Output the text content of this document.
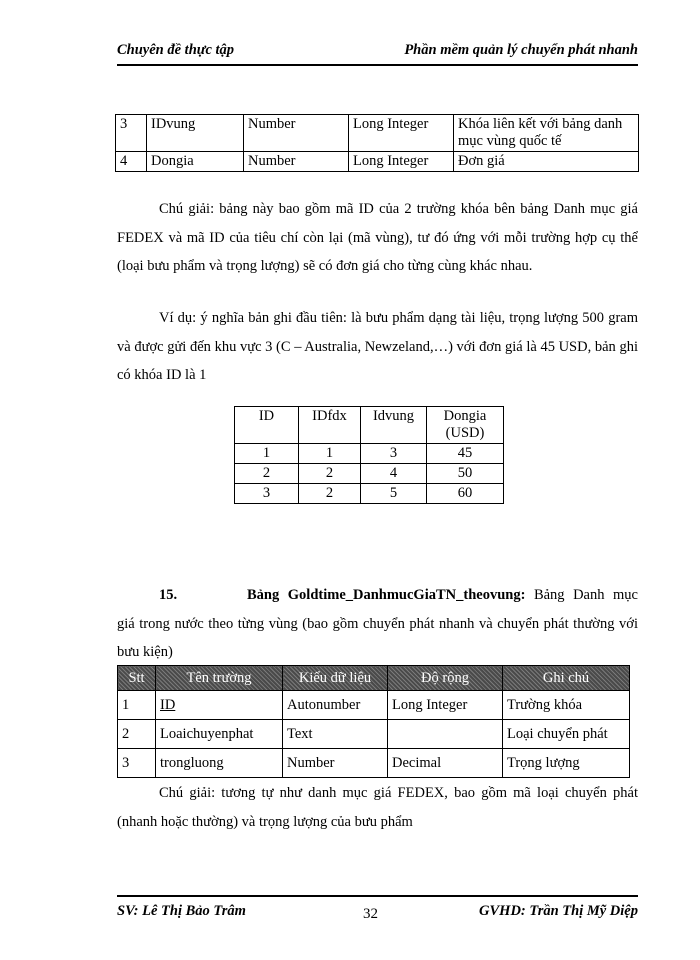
Chuyên đề thực tập	Phần mềm quản lý chuyển phát nhanh
3	IDvung	Number	Long Integer	Khóa liên kết với bảng danh mục vùng quốc tế
4	Dongia	Number	Long Integer	Đơn giá

Chú giải: bảng này bao gồm mã ID của 2 trường khóa bên bảng Danh mục giá FEDEX và mã ID của tiêu chí còn lại (mã vùng), tư đó ứng với mỗi trường hợp cụ thể (loại bưu phẩm và trọng lượng) sẽ có đơn giá cho từng cùng khác nhau.

Ví dụ: ý nghĩa bản ghi đầu tiên: là bưu phẩm dạng tài liệu, trọng lượng 500 gram và được gửi đến khu vực 3 (C – Australia, Newzeland,…) với đơn giá là 45 USD, bản ghi có khóa ID là 1

ID	IDfdx	Idvung	Dongia (USD)
1	1	3	45
2	2	4	50
3	2	5	60

15.	Bảng Goldtime_DanhmucGiaTN_theovung: Bảng Danh mục giá trong nước theo từng vùng (bao gồm chuyển phát nhanh và chuyển phát thường với bưu kiện)

Stt	Tên trường	Kiểu dữ liệu	Độ rộng	Ghi chú
1	ID	Autonumber	Long Integer	Trường khóa
2	Loaichuyenphat	Text		Loại chuyển phát
3	trongluong	Number	Decimal	Trọng lượng

Chú giải: tương tự như danh mục giá FEDEX, bao gồm mã loại chuyển phát (nhanh hoặc thường) và trọng lượng của bưu phẩm

SV: Lê Thị Bảo Trâm	32	GVHD: Trần Thị Mỹ Diệp
